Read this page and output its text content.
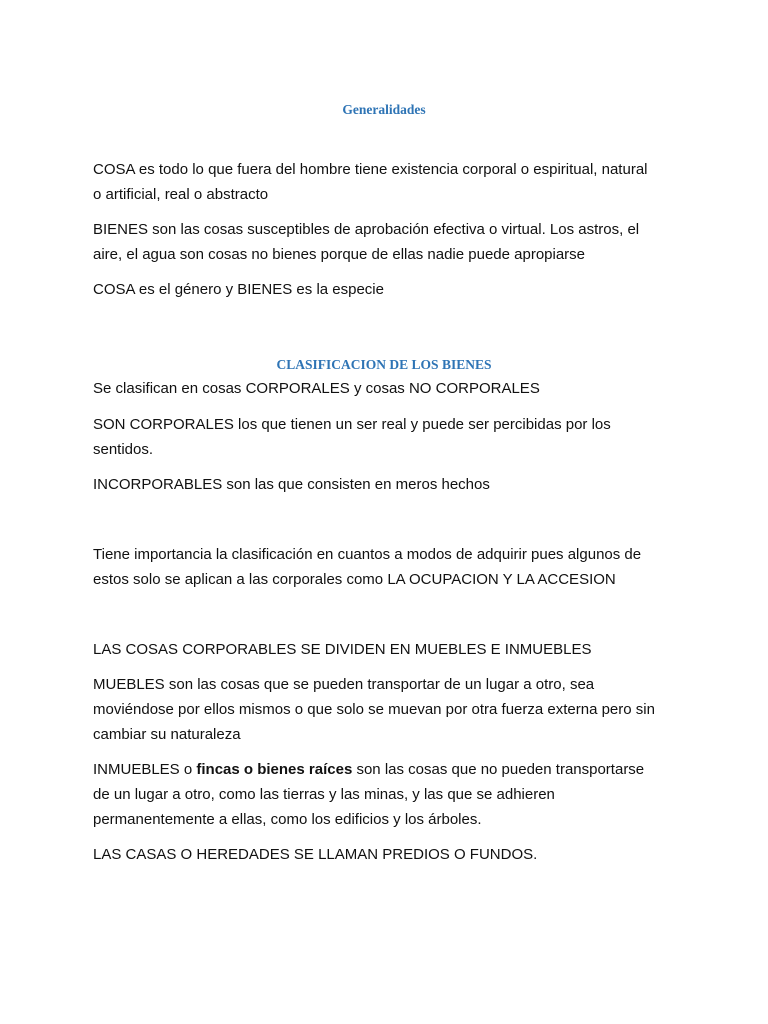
Generalidades

COSA es todo lo que fuera del hombre tiene existencia corporal o espiritual, natural
o artificial, real o abstracto

BIENES son las cosas susceptibles de aprobación efectiva o virtual. Los astros, el
aire, el agua son cosas no bienes porque de ellas nadie puede apropiarse

COSA es el género y BIENES es la especie

CLASIFICACION DE LOS BIENES

Se clasifican en cosas CORPORALES y cosas NO CORPORALES

SON CORPORALES los que tienen un ser real y puede ser percibidas por los
sentidos.

INCORPORABLES son las que consisten en meros hechos

Tiene importancia la clasificación en cuantos a modos de adquirir pues algunos de
estos solo se aplican a las corporales como LA OCUPACION Y LA ACCESION

LAS COSAS CORPORABLES SE DIVIDEN EN MUEBLES E INMUEBLES

MUEBLES son las cosas que se pueden transportar de un lugar a otro, sea
moviéndose por ellos mismos o que solo se muevan por otra fuerza externa pero sin
cambiar su naturaleza

INMUEBLES o fincas o bienes raíces son las cosas que no pueden transportarse
de un lugar a otro, como las tierras y las minas, y las que se adhieren
permanentemente a ellas, como los edificios y los árboles.

LAS CASAS O HEREDADES SE LLAMAN PREDIOS O FUNDOS.
